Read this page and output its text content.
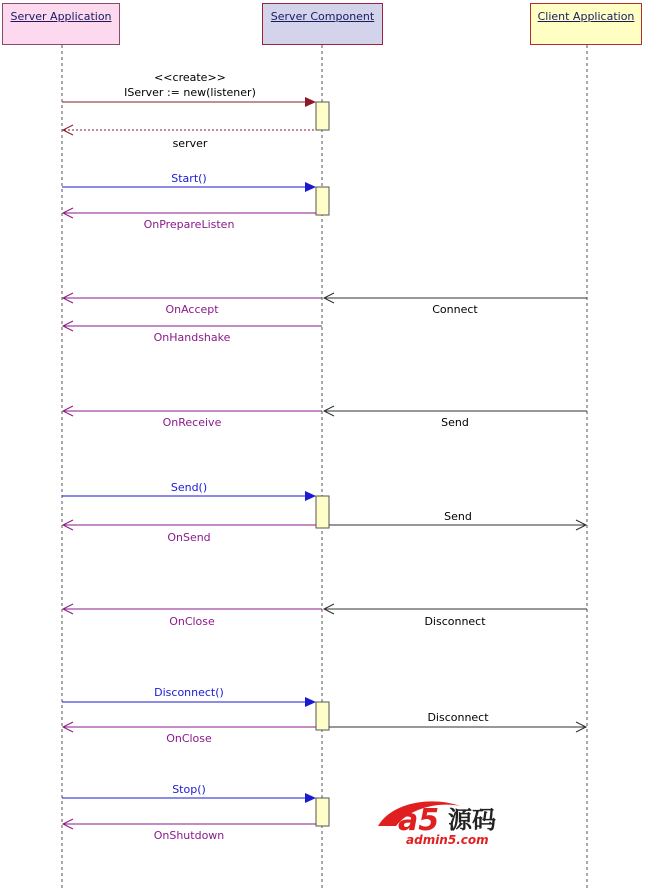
Server Application	Server Component	Client Application
<<create>>
IServer := new(listener)
server
Start()
OnPrepareListen
Connect
OnAccept
OnHandshake
Send
OnReceive
Send()
Send
OnSend
Disconnect
OnClose
Disconnect()
Disconnect
OnClose
Stop()
OnShutdown	a5 源码
admin5.com
